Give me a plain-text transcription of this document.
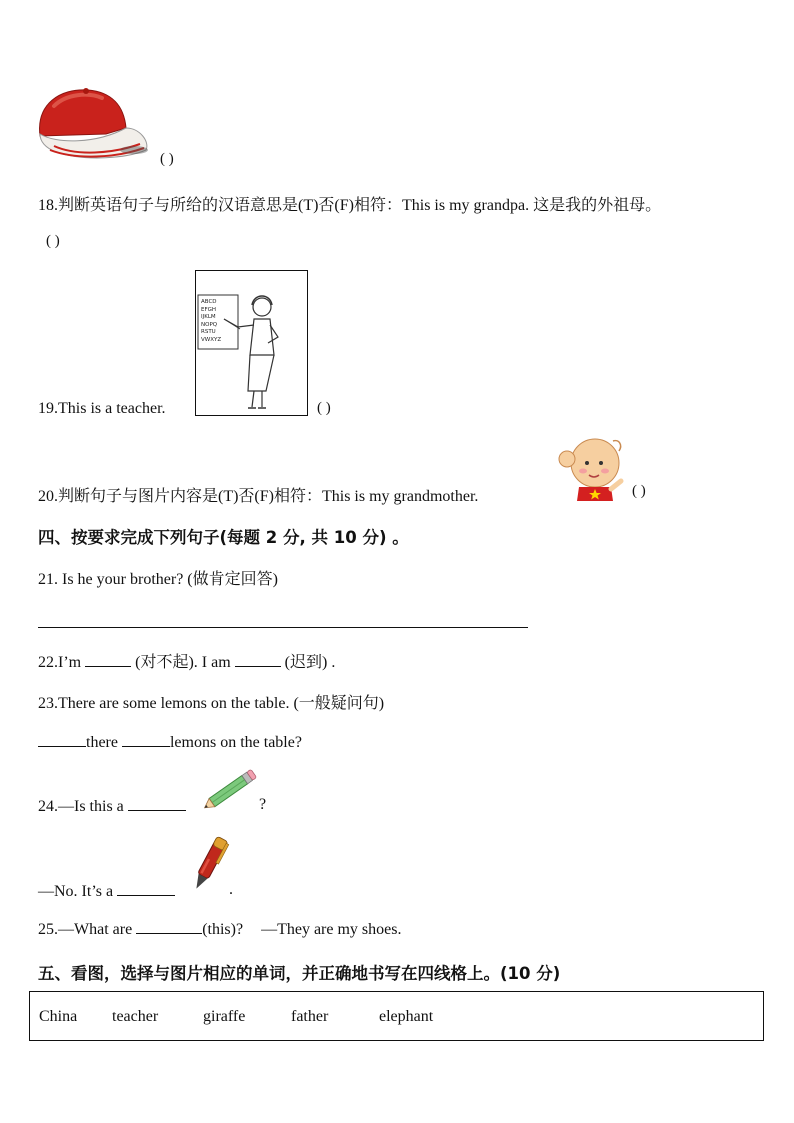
( )
18.判断英语句子与所给的汉语意思是(T)否(F)相符：This is my grandpa. 这是我的外祖母。
( )
19.This is a teacher.
ABCD
EFGH
IJKLM
NOPQ
RSTU
VWXYZ
( )
20.判断句子与图片内容是(T)否(F)相符：This is my grandmother.	( )
四、按要求完成下列句子(每题 2 分, 共 10 分) 。
21. Is he your brother? (做肯定回答)
22.I’m	(对不起). I am	(迟到) .
23.There are some lemons on the table. (一般疑问句)
there	lemons on the table?
24.—Is this a	?
—No. It’s a	.
25.—What are	(this)? —They are my shoes.
五、看图，选择与图片相应的单词，并正确地书写在四线格上。(10 分)
China teacher	giraffe	father	elephant
